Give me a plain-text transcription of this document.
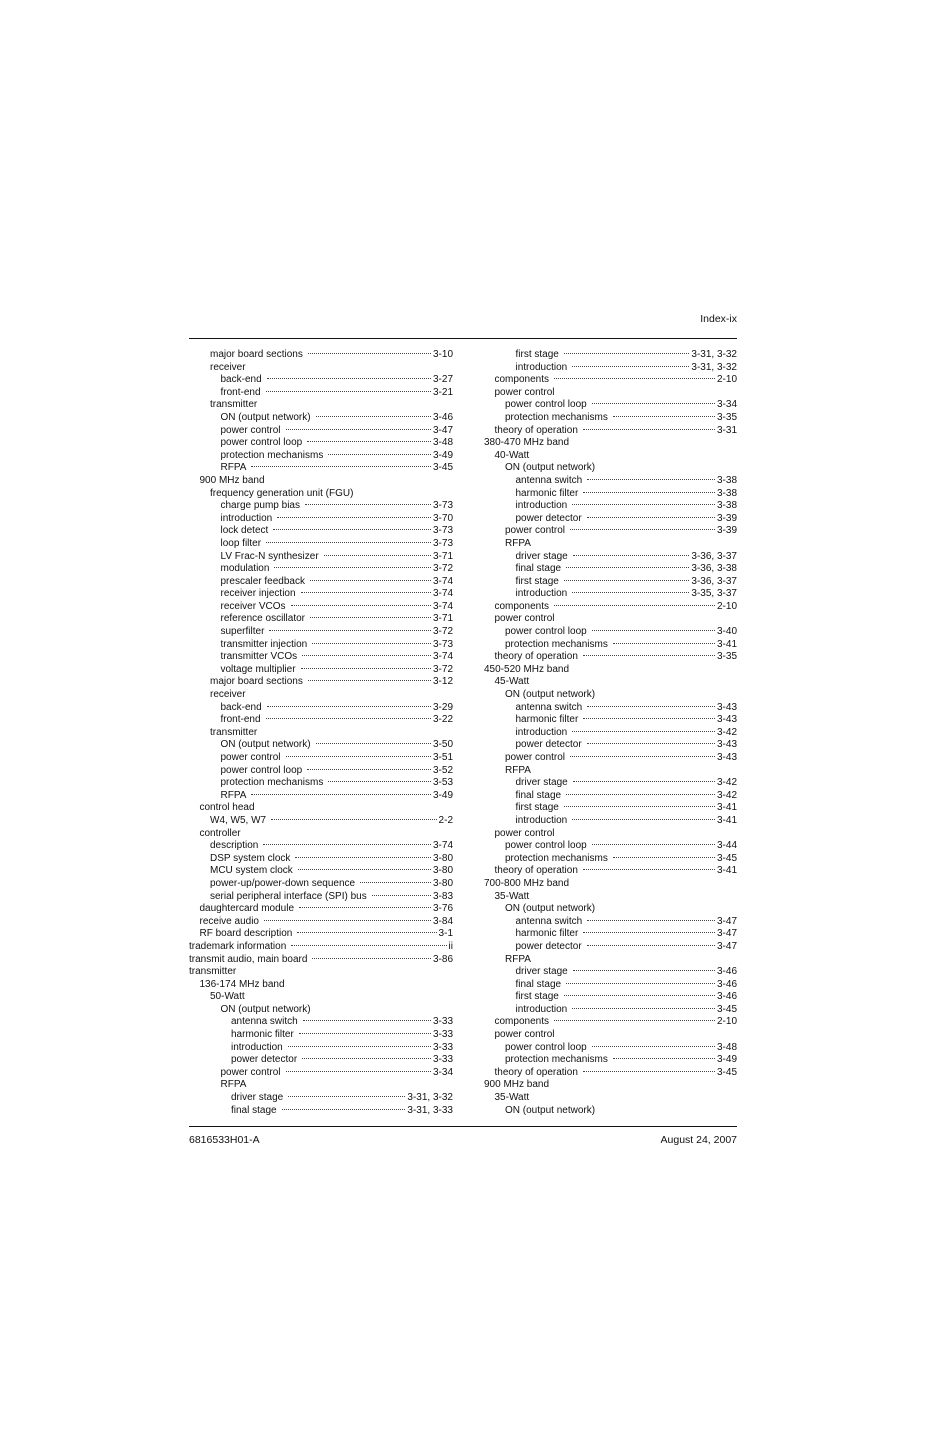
Index-ix
major board sections	3-10
receiver
back-end	3-27
front-end	3-21
transmitter
ON (output network)	3-46
power control	3-47
power control loop	3-48
protection mechanisms	3-49
RFPA	3-45
900 MHz band
frequency generation unit (FGU)
charge pump bias	3-73
introduction	3-70
lock detect	3-73
loop filter	3-73
LV Frac-N synthesizer	3-71
modulation	3-72
prescaler feedback	3-74
receiver injection	3-74
receiver VCOs	3-74
reference oscillator	3-71
superfilter	3-72
transmitter injection	3-73
transmitter VCOs	3-74
voltage multiplier	3-72
major board sections	3-12
receiver
back-end	3-29
front-end	3-22
transmitter
ON (output network)	3-50
power control	3-51
power control loop	3-52
protection mechanisms	3-53
RFPA	3-49
control head
W4, W5, W7	2-2
controller
description	3-74
DSP system clock	3-80
MCU system clock	3-80
power-up/power-down sequence	3-80
serial peripheral interface (SPI) bus	3-83
daughtercard module	3-76
receive audio	3-84
RF board description	3-1
trademark information	ii
transmit audio, main board	3-86
transmitter
136-174 MHz band
50-Watt
ON (output network)
antenna switch	3-33
harmonic filter	3-33
introduction	3-33
power detector	3-33
power control	3-34
RFPA
driver stage	3-31, 3-32
final stage	3-31, 3-33
first stage	3-31, 3-32
introduction	3-31, 3-32
components	2-10
power control
power control loop	3-34
protection mechanisms	3-35
theory of operation	3-31
380-470 MHz band
40-Watt
ON (output network)
antenna switch	3-38
harmonic filter	3-38
introduction	3-38
power detector	3-39
power control	3-39
RFPA
driver stage	3-36, 3-37
final stage	3-36, 3-38
first stage	3-36, 3-37
introduction	3-35, 3-37
components	2-10
power control
power control loop	3-40
protection mechanisms	3-41
theory of operation	3-35
450-520 MHz band
45-Watt
ON (output network)
antenna switch	3-43
harmonic filter	3-43
introduction	3-42
power detector	3-43
power control	3-43
RFPA
driver stage	3-42
final stage	3-42
first stage	3-41
introduction	3-41
power control
power control loop	3-44
protection mechanisms	3-45
theory of operation	3-41
700-800 MHz band
35-Watt
ON (output network)
antenna switch	3-47
harmonic filter	3-47
power detector	3-47
RFPA
driver stage	3-46
final stage	3-46
first stage	3-46
introduction	3-45
components	2-10
power control
power control loop	3-48
protection mechanisms	3-49
theory of operation	3-45
900 MHz band
35-Watt
ON (output network)
6816533H01-A	August 24, 2007
